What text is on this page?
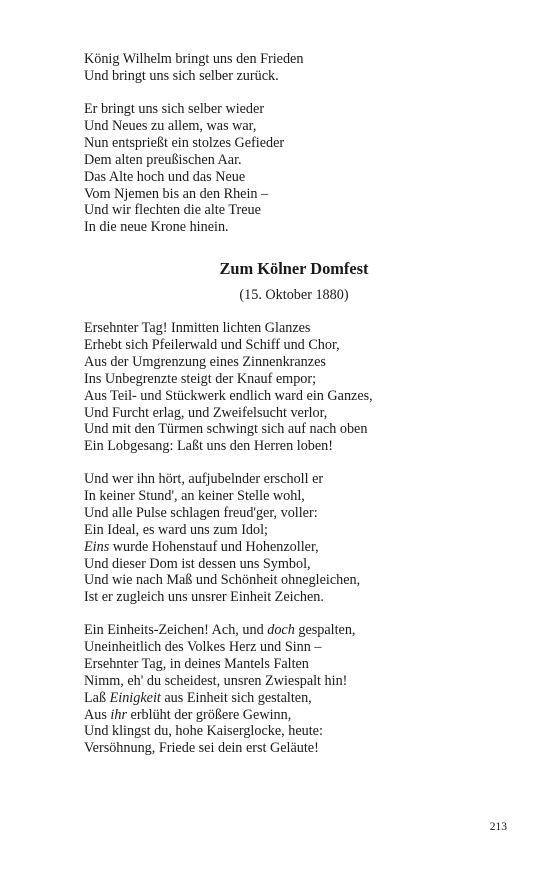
König Wilhelm bringt uns den Frieden
Und bringt uns sich selber zurück.
Er bringt uns sich selber wieder
Und Neues zu allem, was war,
Nun entsprießt ein stolzes Gefieder
Dem alten preußischen Aar.
Das Alte hoch und das Neue
Vom Njemen bis an den Rhein –
Und wir flechten die alte Treue
In die neue Krone hinein.
Zum Kölner Domfest
(15. Oktober 1880)
Ersehnter Tag! Inmitten lichten Glanzes
Erhebt sich Pfeilerwald und Schiff und Chor,
Aus der Umgrenzung eines Zinnenkranzes
Ins Unbegrenzte steigt der Knauf empor;
Aus Teil- und Stückwerk endlich ward ein Ganzes,
Und Furcht erlag, und Zweifelsucht verlor,
Und mit den Türmen schwingt sich auf nach oben
Ein Lobgesang: Laßt uns den Herren loben!
Und wer ihn hört, aufjubelnder erscholl er
In keiner Stund', an keiner Stelle wohl,
Und alle Pulse schlagen freud'ger, voller:
Ein Ideal, es ward uns zum Idol;
Eins wurde Hohenstauf und Hohenzoller,
Und dieser Dom ist dessen uns Symbol,
Und wie nach Maß und Schönheit ohnegleichen,
Ist er zugleich uns unsrer Einheit Zeichen.
Ein Einheits-Zeichen! Ach, und doch gespalten,
Uneinheitlich des Volkes Herz und Sinn –
Ersehnter Tag, in deines Mantels Falten
Nimm, eh' du scheidest, unsren Zwiespalt hin!
Laß Einigkeit aus Einheit sich gestalten,
Aus ihr erblüht der größere Gewinn,
Und klingst du, hohe Kaiserglocke, heute:
Versöhnung, Friede sei dein erst Geläute!
213
